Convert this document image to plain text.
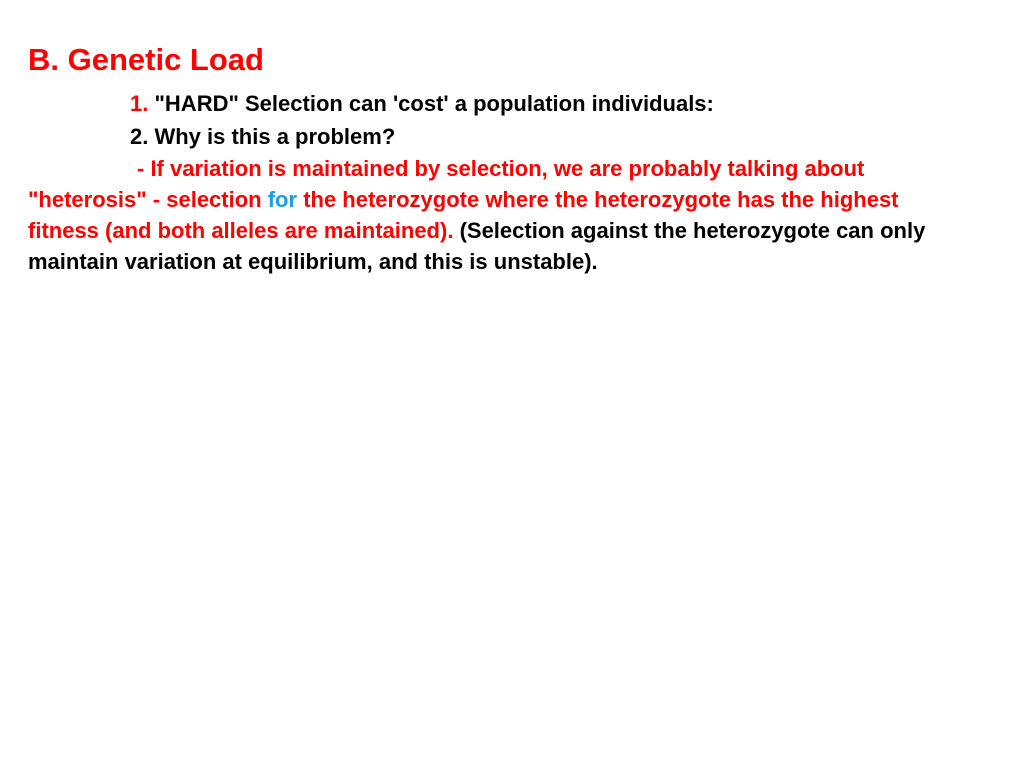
B. Genetic Load
1. "HARD" Selection can 'cost' a population individuals:
2. Why is this a problem?
- If variation is maintained by selection, we are probably talking about "heterosis" - selection for the heterozygote where the heterozygote has the highest fitness (and both alleles are maintained). (Selection against the heterozygote can only maintain variation at equilibrium, and this is unstable).
